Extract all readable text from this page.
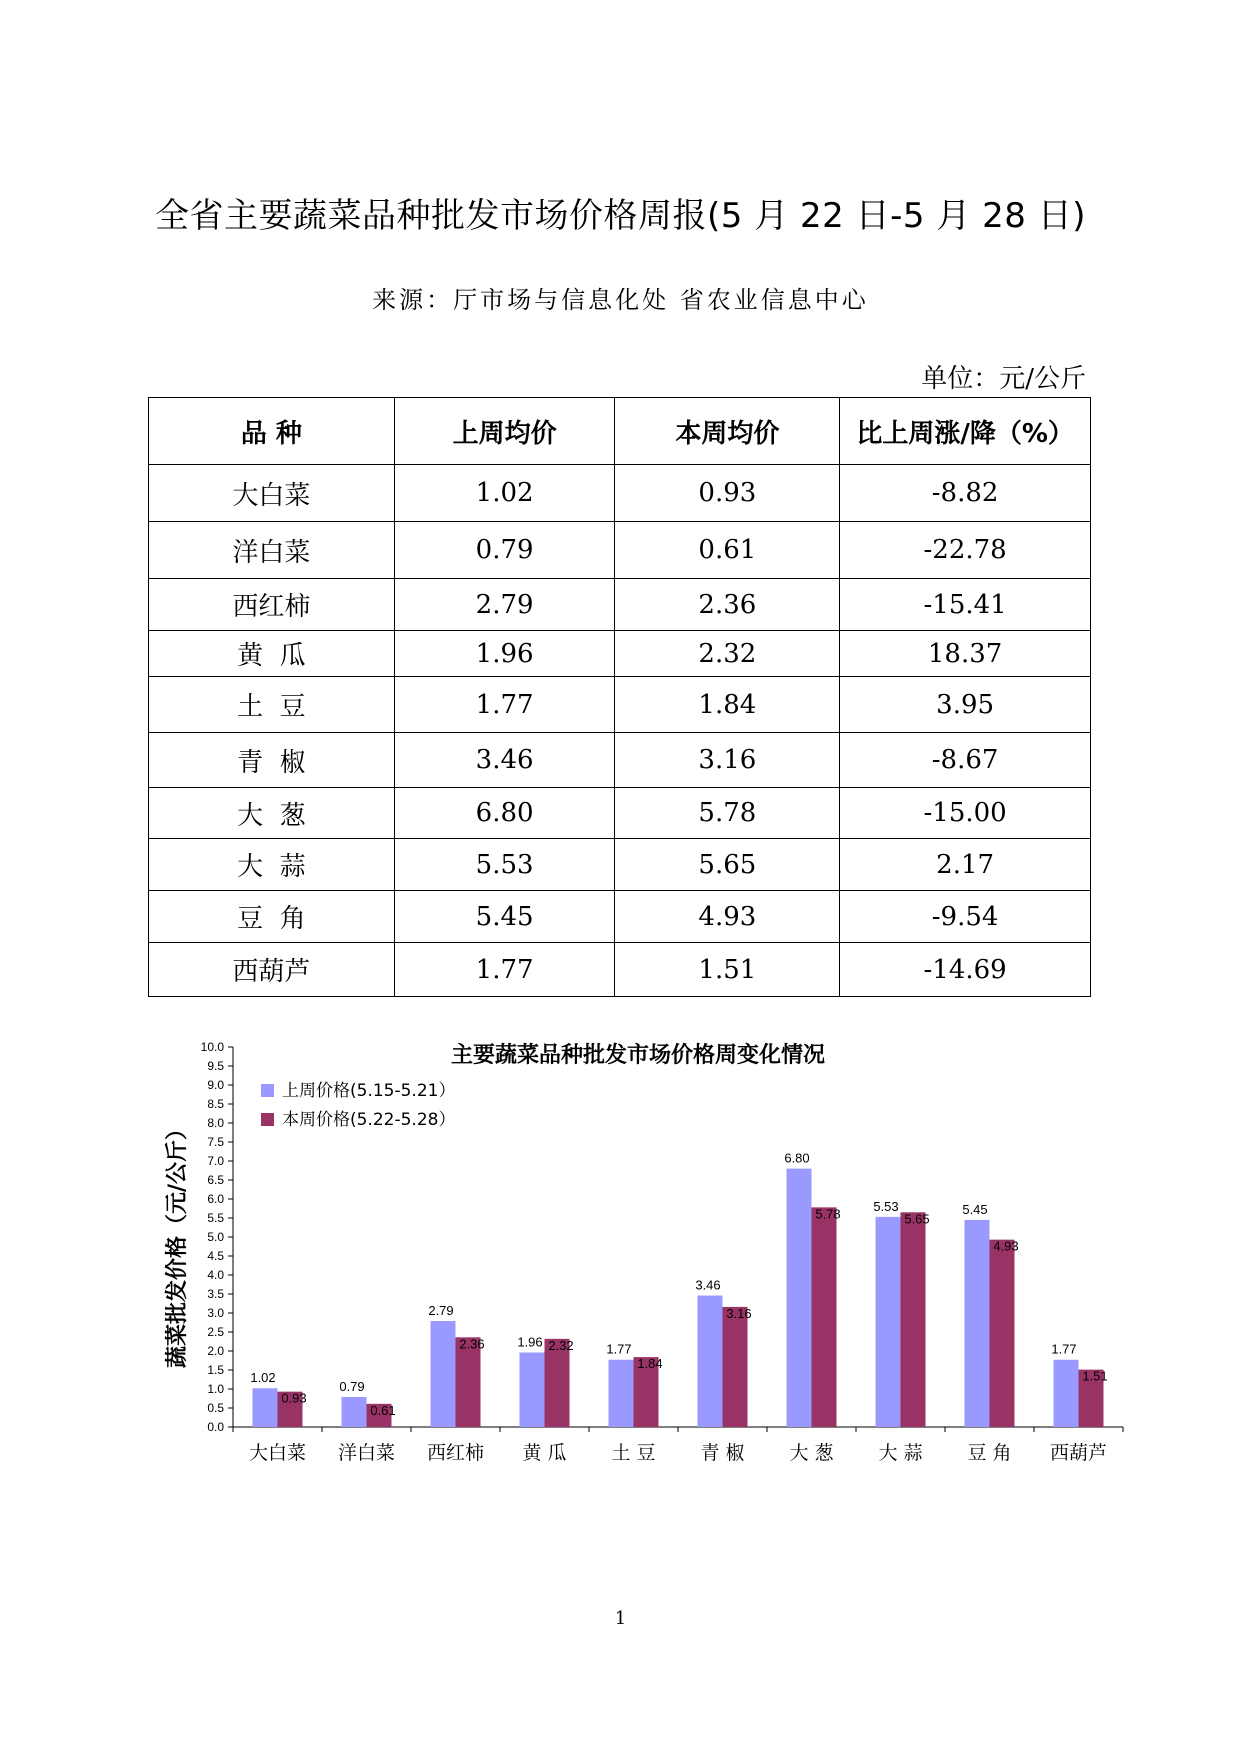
全省主要蔬菜品种批发市场价格周报(5 月 22 日-5 月 28 日)
来源：厅市场与信息化处 省农业信息中心
单位：元/公斤
品 种	上周均价	本周均价	比上周涨/降（%）
大白菜	1.02	0.93	-8.82
洋白菜	0.79	0.61	-22.78
西红柿	2.79	2.36	-15.41
黄  瓜	1.96	2.32	18.37
土  豆	1.77	1.84	3.95
青  椒	3.46	3.16	-8.67
大  葱	6.80	5.78	-15.00
大  蒜	5.53	5.65	2.17
豆  角	5.45	4.93	-9.54
西葫芦	1.77	1.51	-14.69
主要蔬菜品种批发市场价格周变化情况
蔬菜批发价格（元/公斤）
0.0
0.5
1.0
1.5
2.0
2.5
3.0
3.5
4.0
4.5
5.0
5.5
6.0
6.5
7.0
7.5
8.0
8.5
9.0
9.5
10.0
1.02
0.93
大白菜
0.79
0.61
洋白菜
2.79
2.36
西红柿
1.96 2.32
黄 瓜
1.77
1.84
土 豆
3.46
3.16
青 椒
6.80
5.78
大 葱
5.53
5.65
大 蒜
5.45
4.93
豆 角
1.77
1.51
西葫芦
上周价格(5.15-5.21）
本周价格(5.22-5.28）
1
